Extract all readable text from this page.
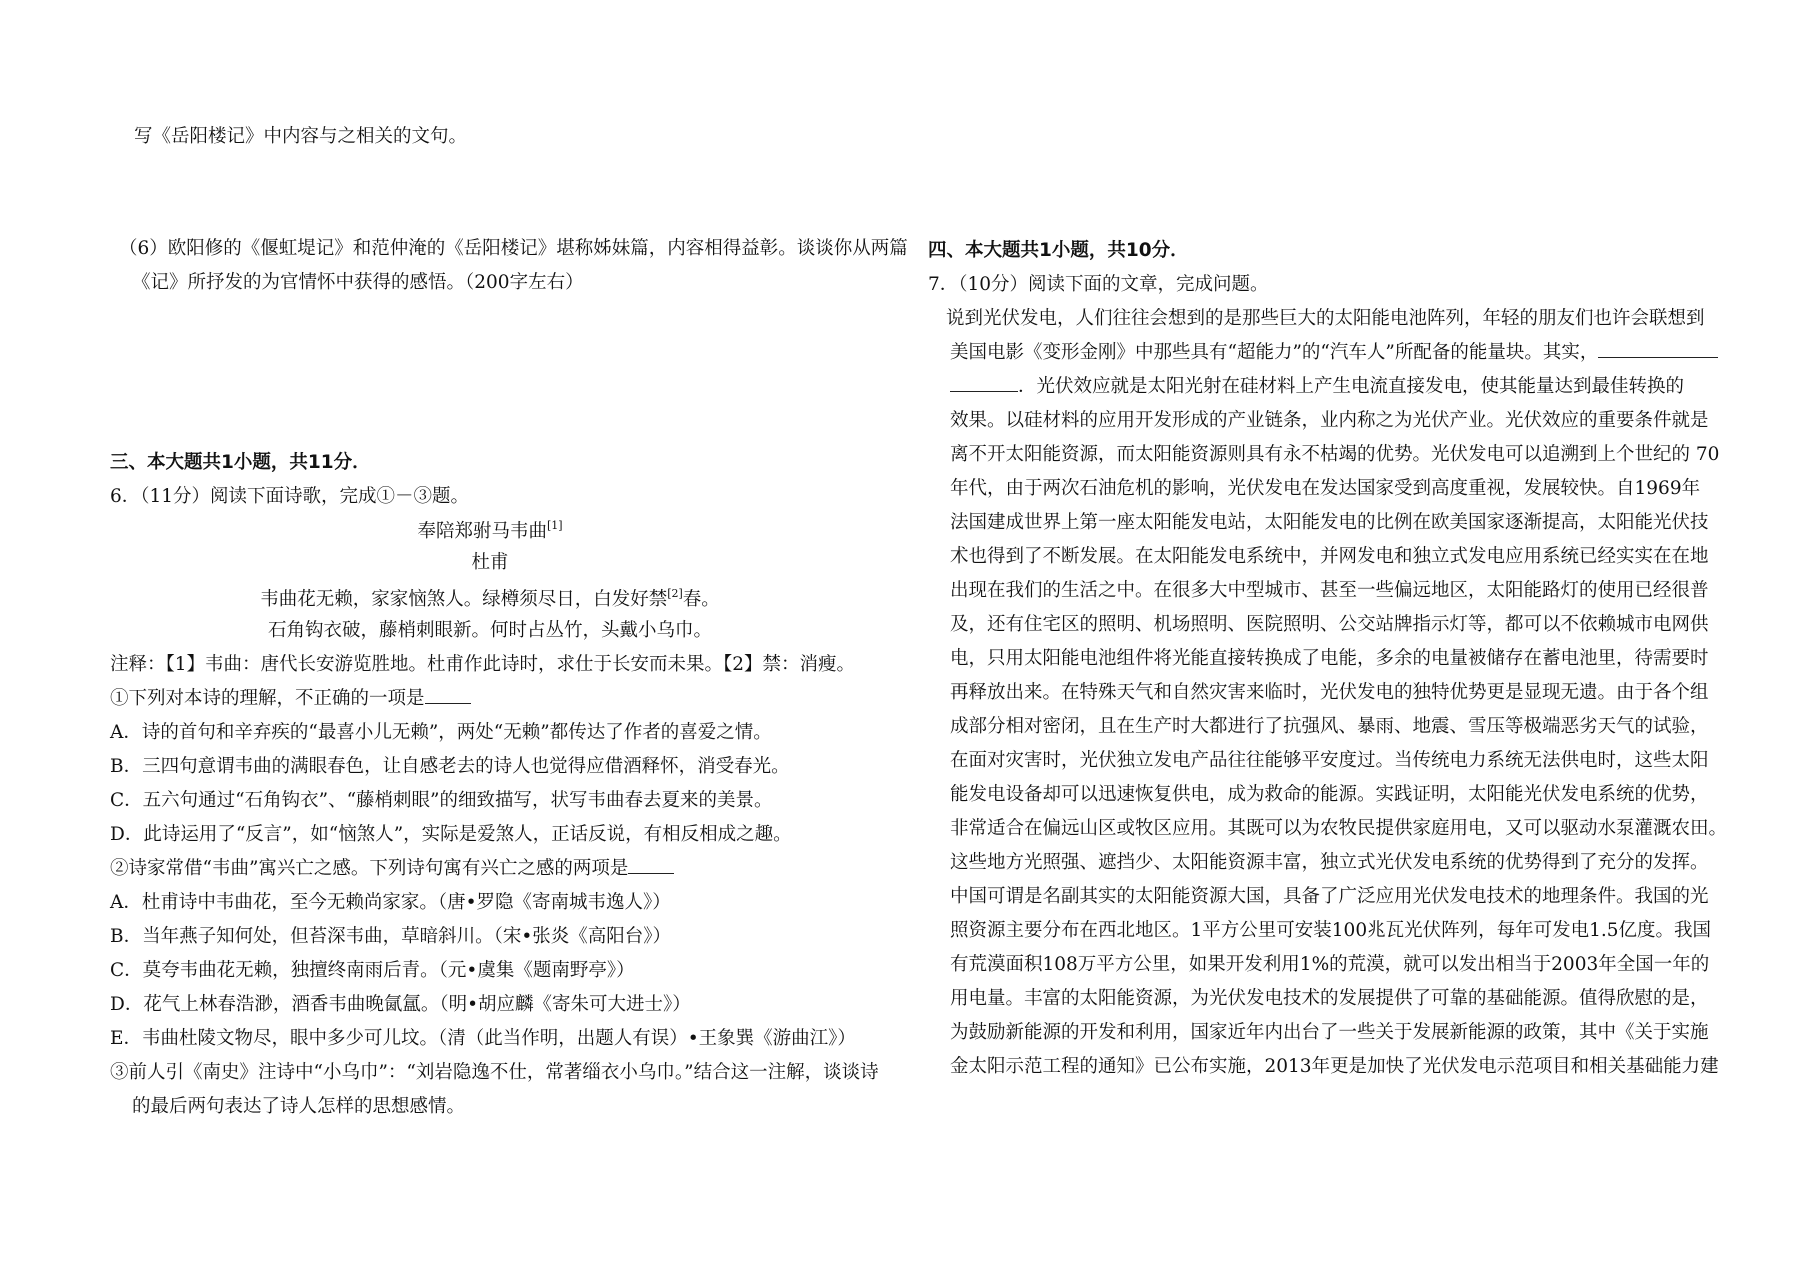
写《岳阳楼记》中内容与之相关的文句。
（6）欧阳修的《偃虹堤记》和范仲淹的《岳阳楼记》堪称姊妹篇，内容相得益彰。谈谈你从两篇
《记》所抒发的为官情怀中获得的感悟。（200字左右）
三、本大题共1小题，共11分．
6．（11分）阅读下面诗歌，完成①－③题。
奉陪郑驸马韦曲[1]
杜甫
韦曲花无赖，家家恼煞人。绿樽须尽日，白发好禁[2]春。
石角钩衣破，藤梢刺眼新。何时占丛竹，头戴小乌巾。
注释：【1】韦曲：唐代长安游览胜地。杜甫作此诗时，求仕于长安而未果。【2】禁：消瘦。
①下列对本诗的理解，不正确的一项是
A．诗的首句和辛弃疾的“最喜小儿无赖”，两处“无赖”都传达了作者的喜爱之情。
B．三四句意谓韦曲的满眼春色，让自感老去的诗人也觉得应借酒释怀，消受春光。
C．五六句通过“石角钩衣”、“藤梢刺眼”的细致描写，状写韦曲春去夏来的美景。
D．此诗运用了“反言”，如“恼煞人”，实际是爱煞人，正话反说，有相反相成之趣。
②诗家常借“韦曲”寓兴亡之感。下列诗句寓有兴亡之感的两项是
A．杜甫诗中韦曲花，至今无赖尚家家。（唐•罗隐《寄南城韦逸人》）
B．当年燕子知何处，但苔深韦曲，草暗斜川。（宋•张炎《高阳台》）
C．莫夸韦曲花无赖，独擅终南雨后青。（元•虞集《题南野亭》）
D．花气上林春浩渺，酒香韦曲晚氤氲。（明•胡应麟《寄朱可大进士》）
E．韦曲杜陵文物尽，眼中多少可儿坟。（清（此当作明，出题人有误）•王象巽《游曲江》）
③前人引《南史》注诗中“小乌巾”：“刘岩隐逸不仕，常著缁衣小乌巾。”结合这一注解，谈谈诗
的最后两句表达了诗人怎样的思想感情。
四、本大题共1小题，共10分．
7．（10分）阅读下面的文章，完成问题。
说到光伏发电，人们往往会想到的是那些巨大的太阳能电池阵列，年轻的朋友们也许会联想到
美国电影《变形金刚》中那些具有“超能力”的“汽车人”所配备的能量块。其实，
．光伏效应就是太阳光射在硅材料上产生电流直接发电，使其能量达到最佳转换的
效果。以硅材料的应用开发形成的产业链条，业内称之为光伏产业。光伏效应的重要条件就是
离不开太阳能资源，而太阳能资源则具有永不枯竭的优势。光伏发电可以追溯到上个世纪的 70
年代，由于两次石油危机的影响，光伏发电在发达国家受到高度重视，发展较快。自1969年
法国建成世界上第一座太阳能发电站，太阳能发电的比例在欧美国家逐渐提高，太阳能光伏技
术也得到了不断发展。在太阳能发电系统中，并网发电和独立式发电应用系统已经实实在在地
出现在我们的生活之中。在很多大中型城市、甚至一些偏远地区，太阳能路灯的使用已经很普
及，还有住宅区的照明、机场照明、医院照明、公交站牌指示灯等，都可以不依赖城市电网供
电，只用太阳能电池组件将光能直接转换成了电能，多余的电量被储存在蓄电池里，待需要时
再释放出来。在特殊天气和自然灾害来临时，光伏发电的独特优势更是显现无遗。由于各个组
成部分相对密闭，且在生产时大都进行了抗强风、暴雨、地震、雪压等极端恶劣天气的试验，
在面对灾害时，光伏独立发电产品往往能够平安度过。当传统电力系统无法供电时，这些太阳
能发电设备却可以迅速恢复供电，成为救命的能源。实践证明，太阳能光伏发电系统的优势，
非常适合在偏远山区或牧区应用。其既可以为农牧民提供家庭用电，又可以驱动水泵灌溉农田。
这些地方光照强、遮挡少、太阳能资源丰富，独立式光伏发电系统的优势得到了充分的发挥。
中国可谓是名副其实的太阳能资源大国，具备了广泛应用光伏发电技术的地理条件。我国的光
照资源主要分布在西北地区。1平方公里可安装100兆瓦光伏阵列，每年可发电1.5亿度。我国
有荒漠面积108万平方公里，如果开发利用1%的荒漠，就可以发出相当于2003年全国一年的
用电量。丰富的太阳能资源，为光伏发电技术的发展提供了可靠的基础能源。值得欣慰的是，
为鼓励新能源的开发和利用，国家近年内出台了一些关于发展新能源的政策，其中《关于实施
金太阳示范工程的通知》已公布实施，2013年更是加快了光伏发电示范项目和相关基础能力建
